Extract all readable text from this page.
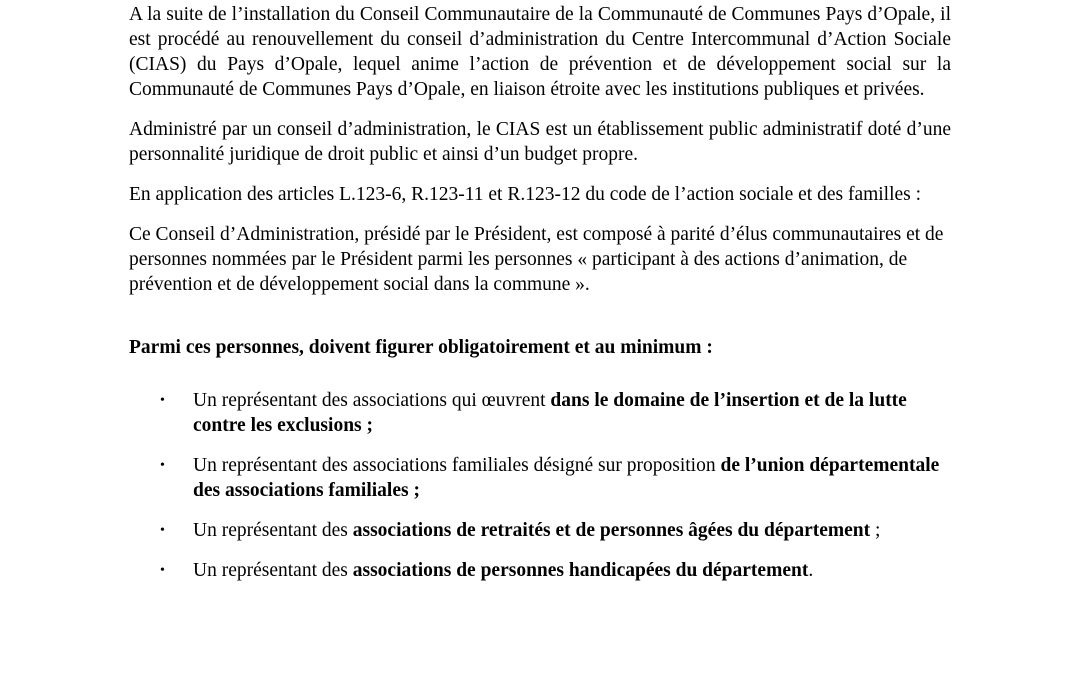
A la suite de l’installation du Conseil Communautaire de la Communauté de Communes Pays d’Opale, il est procédé au renouvellement du conseil d’administration du Centre Intercommunal d’Action Sociale (CIAS) du Pays d’Opale, lequel anime l’action de prévention et de développement social sur la Communauté de Communes Pays d’Opale, en liaison étroite avec les institutions publiques et privées.

Administré par un conseil d’administration, le CIAS est un établissement public administratif doté d’une personnalité juridique de droit public et ainsi d’un budget propre.

En application des articles L.123-6, R.123-11 et R.123-12 du code de l’action sociale et des familles :

Ce Conseil d’Administration, présidé par le Président, est composé à parité d’élus communautaires et de personnes nommées par le Président parmi les personnes « participant à des actions d’animation, de prévention et de développement social dans la commune ».

Parmi ces personnes, doivent figurer obligatoirement et au minimum :

• Un représentant des associations qui œuvrent dans le domaine de l’insertion et de la lutte contre les exclusions ;
• Un représentant des associations familiales désigné sur proposition de l’union départementale des associations familiales ;
• Un représentant des associations de retraités et de personnes âgées du département ;
• Un représentant des associations de personnes handicapées du département.
